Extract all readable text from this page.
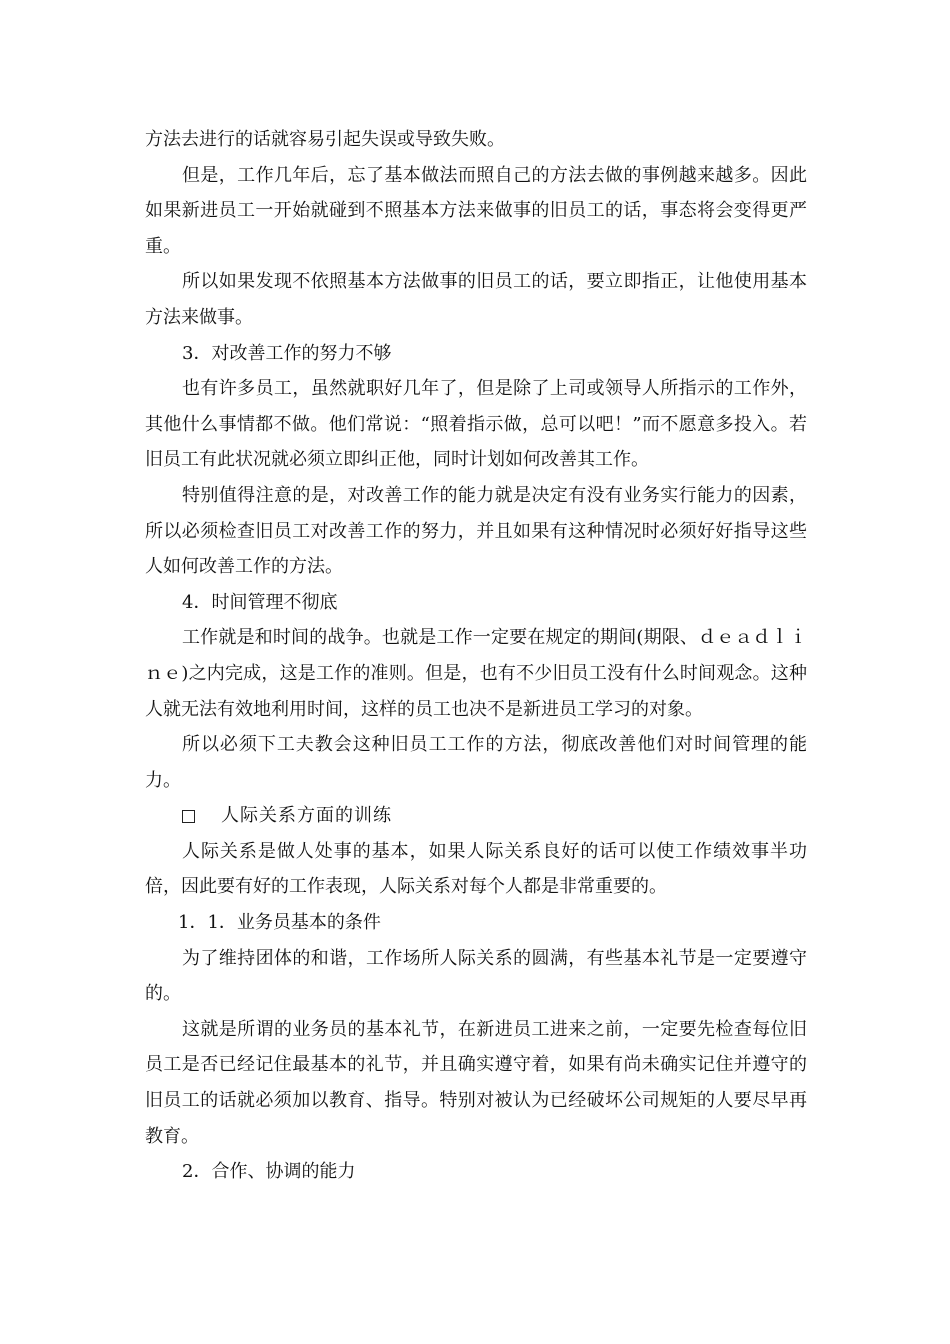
方法去进行的话就容易引起失误或导致失败。

但是，工作几年后，忘了基本做法而照自己的方法去做的事例越来越多。因此如果新进员工一开始就碰到不照基本方法来做事的旧员工的话，事态将会变得更严重。

所以如果发现不依照基本方法做事的旧员工的话，要立即指正，让他使用基本方法来做事。

3．对改善工作的努力不够

也有许多员工，虽然就职好几年了，但是除了上司或领导人所指示的工作外，其他什么事情都不做。他们常说：“照着指示做，总可以吧！”而不愿意多投入。若旧员工有此状况就必须立即纠正他，同时计划如何改善其工作。

特别值得注意的是，对改善工作的能力就是决定有没有业务实行能力的因素，所以必须检查旧员工对改善工作的努力，并且如果有这种情况时必须好好指导这些人如何改善工作的方法。

4．时间管理不彻底

工作就是和时间的战争。也就是工作一定要在规定的期间(期限、ｄｅａｄｌｉｎｅ)之内完成，这是工作的准则。但是，也有不少旧员工没有什么时间观念。这种人就无法有效地利用时间，这样的员工也决不是新进员工学习的对象。

所以必须下工夫教会这种旧员工工作的方法，彻底改善他们对时间管理的能力。

人际关系方面的训练

人际关系是做人处事的基本，如果人际关系良好的话可以使工作绩效事半功倍，因此要有好的工作表现，人际关系对每个人都是非常重要的。

1．1．业务员基本的条件

为了维持团体的和谐，工作场所人际关系的圆满，有些基本礼节是一定要遵守的。

这就是所谓的业务员的基本礼节，在新进员工进来之前，一定要先检查每位旧员工是否已经记住最基本的礼节，并且确实遵守着，如果有尚未确实记住并遵守的旧员工的话就必须加以教育、指导。特别对被认为已经破坏公司规矩的人要尽早再教育。

2．合作、协调的能力
